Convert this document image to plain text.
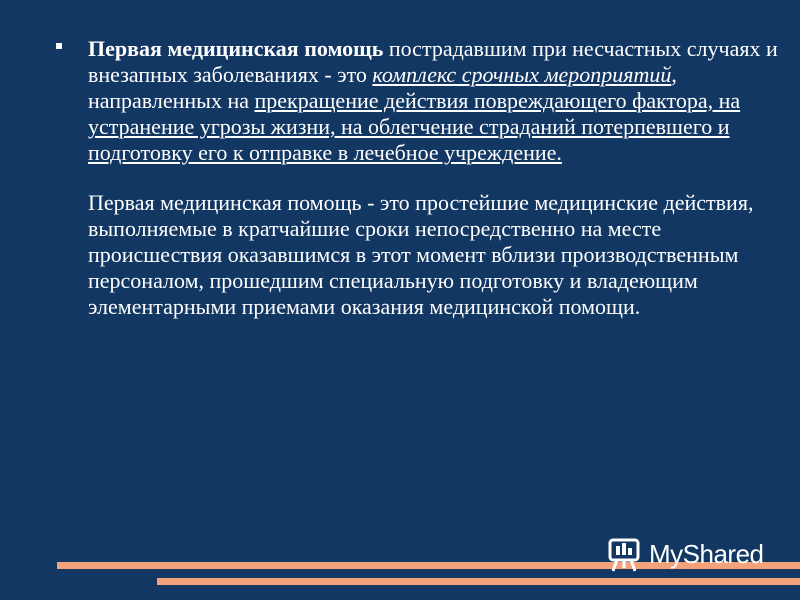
Первая медицинская помощь пострадавшим при несчастных случаях и внезапных заболеваниях - это комплекс срочных мероприятий, направленных на прекращение действия повреждающего фактора, на устранение угрозы жизни, на облегчение страданий потерпевшего и подготовку его к отправке в лечебное учреждение.

Первая медицинская помощь - это простейшие медицинские действия, выполняемые в кратчайшие сроки непосредственно на месте происшествия оказавшимся в этот момент вблизи производственным персоналом, прошедшим специальную подготовку и владеющим элементарными приемами оказания медицинской помощи.

MyShared
